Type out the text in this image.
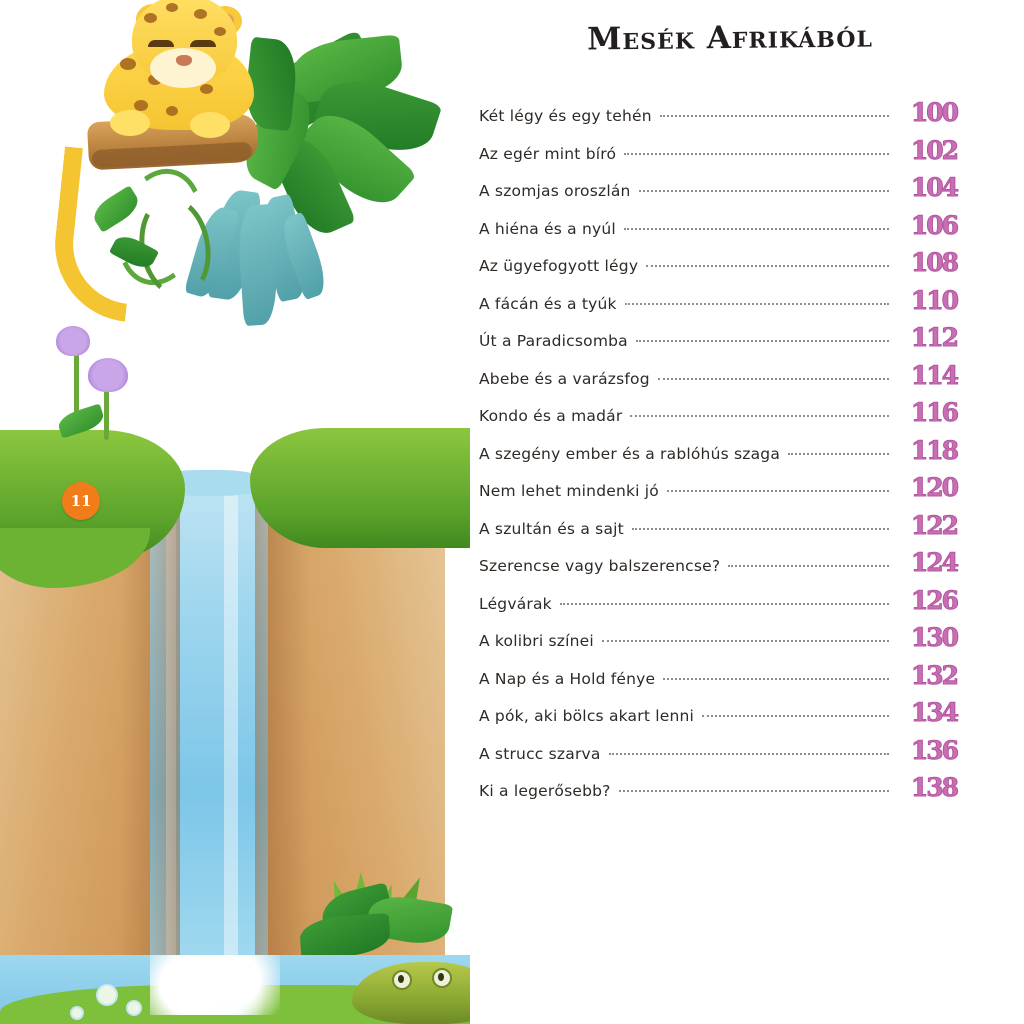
11
Mesék Afrikából
Két légy és egy tehén	100
Az egér mint bíró	102
A szomjas oroszlán	104
A hiéna és a nyúl	106
Az ügyefogyott légy	108
A fácán és a tyúk	110
Út a Paradicsomba	112
Abebe és a varázsfog	114
Kondo és a madár	116
A szegény ember és a rablóhús szaga	118
Nem lehet mindenki jó	120
A szultán és a sajt	122
Szerencse vagy balszerencse?	124
Légvárak	126
A kolibri színei	130
A Nap és a Hold fénye	132
A pók, aki bölcs akart lenni	134
A strucc szarva	136
Ki a legerősebb?	138
